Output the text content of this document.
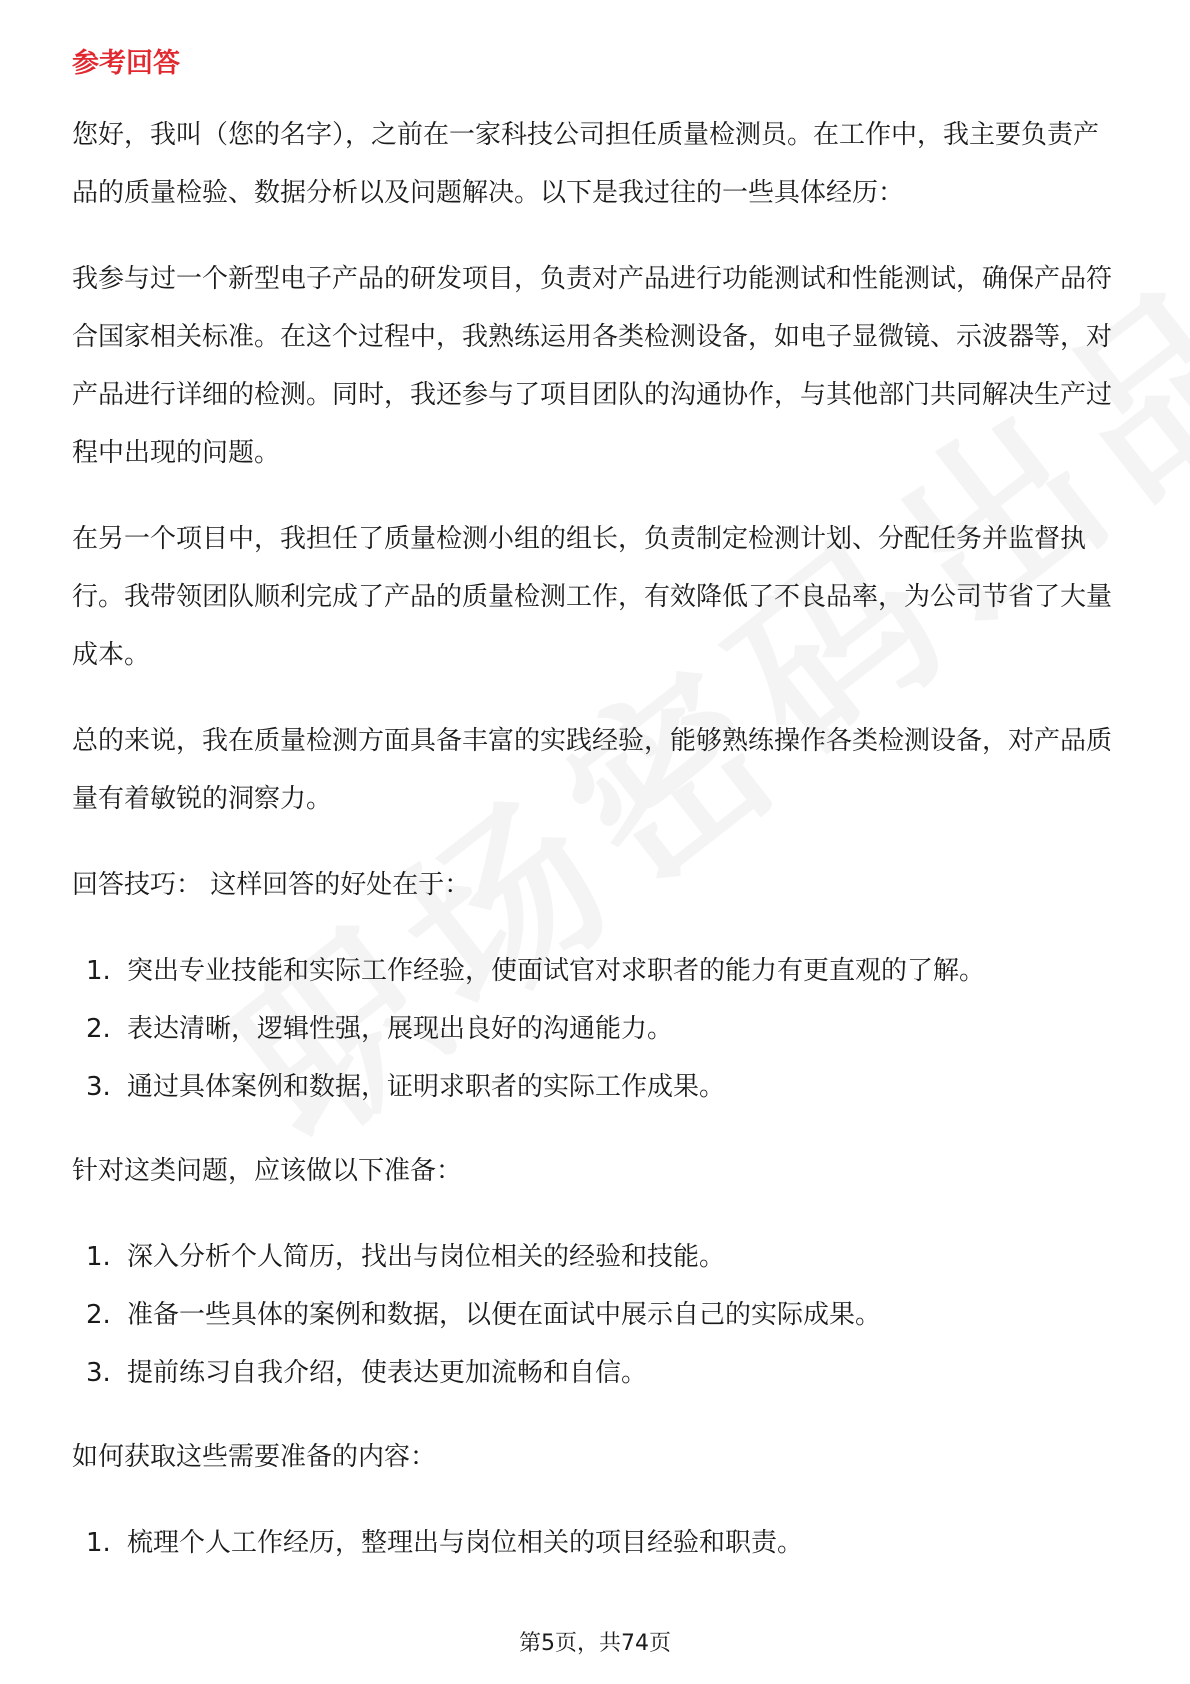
参考回答

您好，我叫（您的名字），之前在一家科技公司担任质量检测员。在工作中，我主要负责产品的质量检验、数据分析以及问题解决。以下是我过往的一些具体经历：

我参与过一个新型电子产品的研发项目，负责对产品进行功能测试和性能测试，确保产品符合国家相关标准。在这个过程中，我熟练运用各类检测设备，如电子显微镜、示波器等，对产品进行详细的检测。同时，我还参与了项目团队的沟通协作，与其他部门共同解决生产过程中出现的问题。

在另一个项目中，我担任了质量检测小组的组长，负责制定检测计划、分配任务并监督执行。我带领团队顺利完成了产品的质量检测工作，有效降低了不良品率，为公司节省了大量成本。

总的来说，我在质量检测方面具备丰富的实践经验，能够熟练操作各类检测设备，对产品质量有着敏锐的洞察力。

回答技巧： 这样回答的好处在于：

1. 突出专业技能和实际工作经验，使面试官对求职者的能力有更直观的了解。
2. 表达清晰，逻辑性强，展现出良好的沟通能力。
3. 通过具体案例和数据，证明求职者的实际工作成果。

针对这类问题，应该做以下准备：

1. 深入分析个人简历，找出与岗位相关的经验和技能。
2. 准备一些具体的案例和数据，以便在面试中展示自己的实际成果。
3. 提前练习自我介绍，使表达更加流畅和自信。

如何获取这些需要准备的内容：

1. 梳理个人工作经历，整理出与岗位相关的项目经验和职责。
第5页，共74页
